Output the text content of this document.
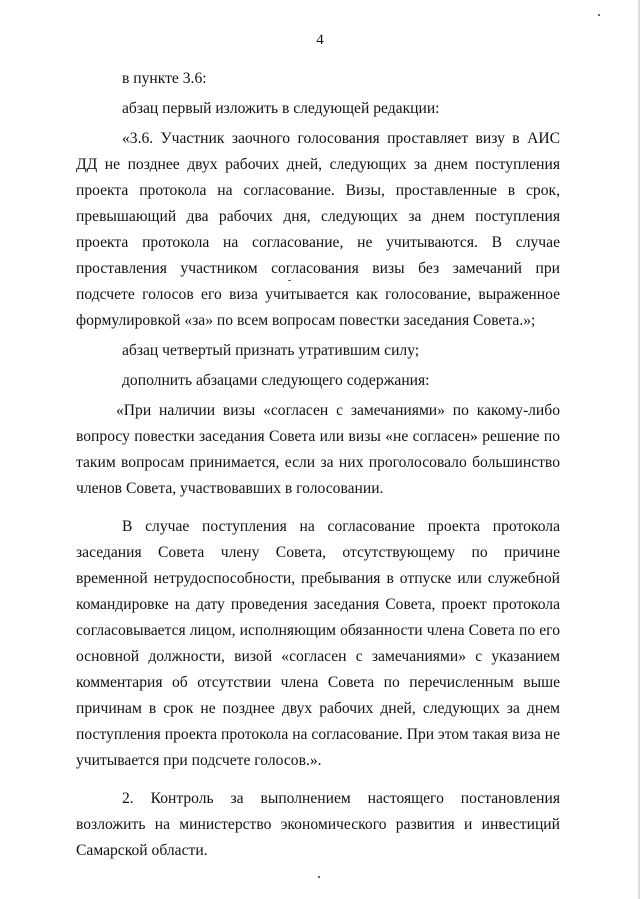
4

в пункте 3.6:

абзац первый изложить в следующей редакции:

«3.6. Участник заочного голосования проставляет визу в АИС ДД не позднее двух рабочих дней, следующих за днем поступления проекта протокола на согласование. Визы, проставленные в срок, превышающий два рабочих дня, следующих за днем поступления проекта протокола на согласование, не учитываются. В случае проставления участником согласования визы без замечаний при подсчете голосов его виза учитывается как голосование, выраженное формулировкой «за» по всем вопросам повестки заседания Совета.»;

абзац четвертый признать утратившим силу;

дополнить абзацами следующего содержания:

«При наличии визы «согласен с замечаниями» по какому-либо вопросу повестки заседания Совета или визы «не согласен» решение по таким вопросам принимается, если за них проголосовало большинство членов Совета, участвовавших в голосовании.

В случае поступления на согласование проекта протокола заседания Совета члену Совета, отсутствующему по причине временной нетрудоспособности, пребывания в отпуске или служебной командировке на дату проведения заседания Совета, проект протокола согласовывается лицом, исполняющим обязанности члена Совета по его основной должности, визой «согласен с замечаниями» с указанием комментария об отсутствии члена Совета по перечисленным выше причинам в срок не позднее двух рабочих дней, следующих за днем поступления проекта протокола на согласование. При этом такая виза не учитывается при подсчете голосов.».

2. Контроль за выполнением настоящего постановления возложить на министерство экономического развития и инвестиций Самарской области.
